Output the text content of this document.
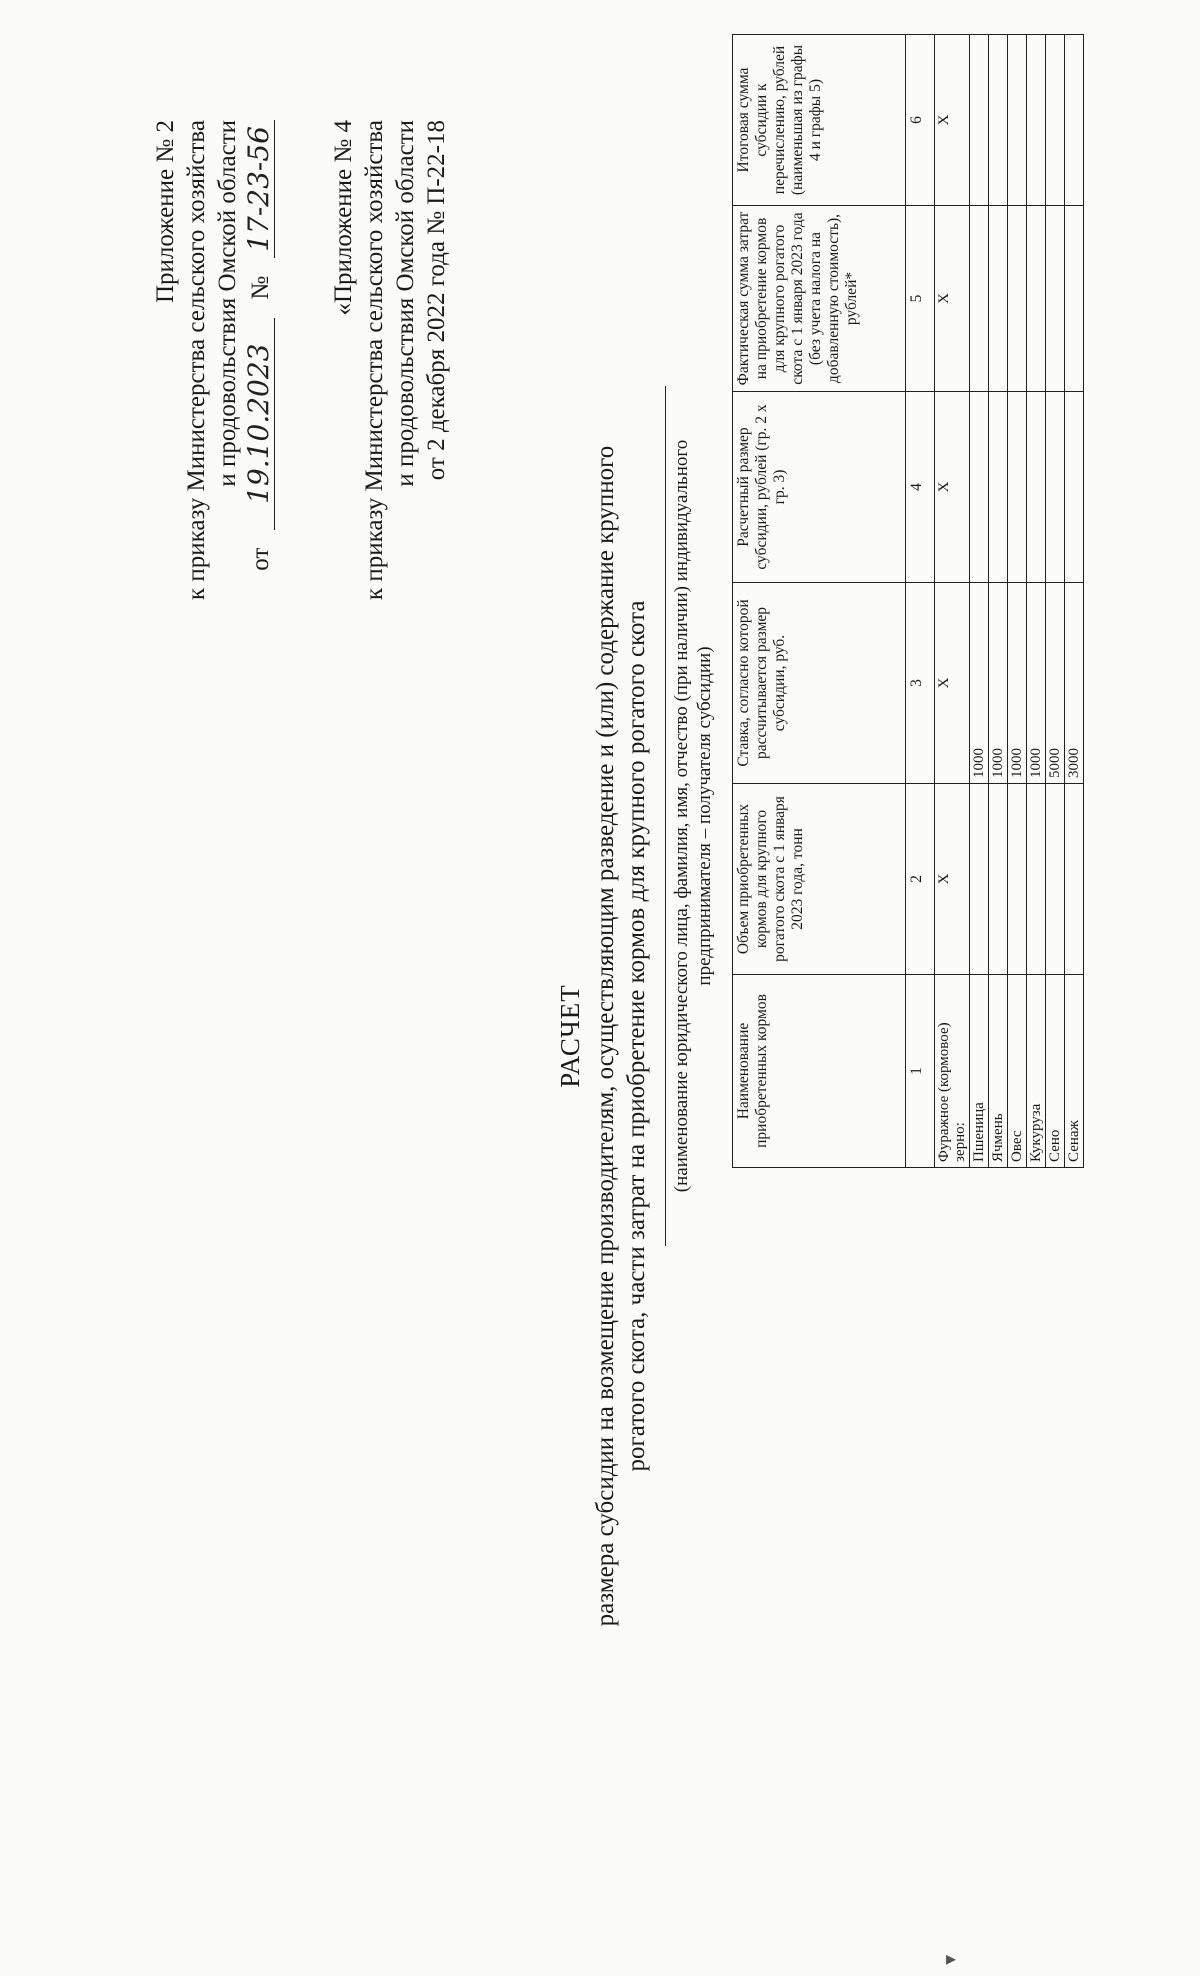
Приложение № 2 к приказу Министерства сельского хозяйства и продовольствия Омской области
от
19.10.2023
№
17-23-56 «Приложение № 4 к приказу Министерства сельского хозяйства и продовольствия Омской области от 2 декабря 2022 года № П-22-18
РАСЧЕТ размера субсидии на возмещение производителям, осуществляющим разведение и (или) содержание крупного рогатого скота, части затрат на приобретение кормов для крупного рогатого скота (наименование юридического лица, фамилия, имя, отчество (при наличии) индивидуального предпринимателя – получателя субсидии)
Наименование приобретенных кормов	Объем приобретенных кормов для крупного рогатого скота с 1 января 2023 года, тонн	Ставка, согласно которой рассчитывается размер субсидии, руб.	Расчетный размер субсидии, рублей (гр. 2 х гр. 3)	Фактическая сумма затрат на приобретение кормов для крупного рогатого скота с 1 января 2023 года (без учета налога на добавленную стоимость), рублей*	Итоговая сумма субсидии к перечислению, рублей (наименьшая из графы 4 и графы 5)
1	2	3	4	5	6
Фуражное (кормовое) зерно:	Х	Х	Х	Х	Х
Пшеница		1000			
Ячмень		1000			
Овес		1000			
Кукуруза		1000			
Сено		5000			
Сенаж		3000			
▸
